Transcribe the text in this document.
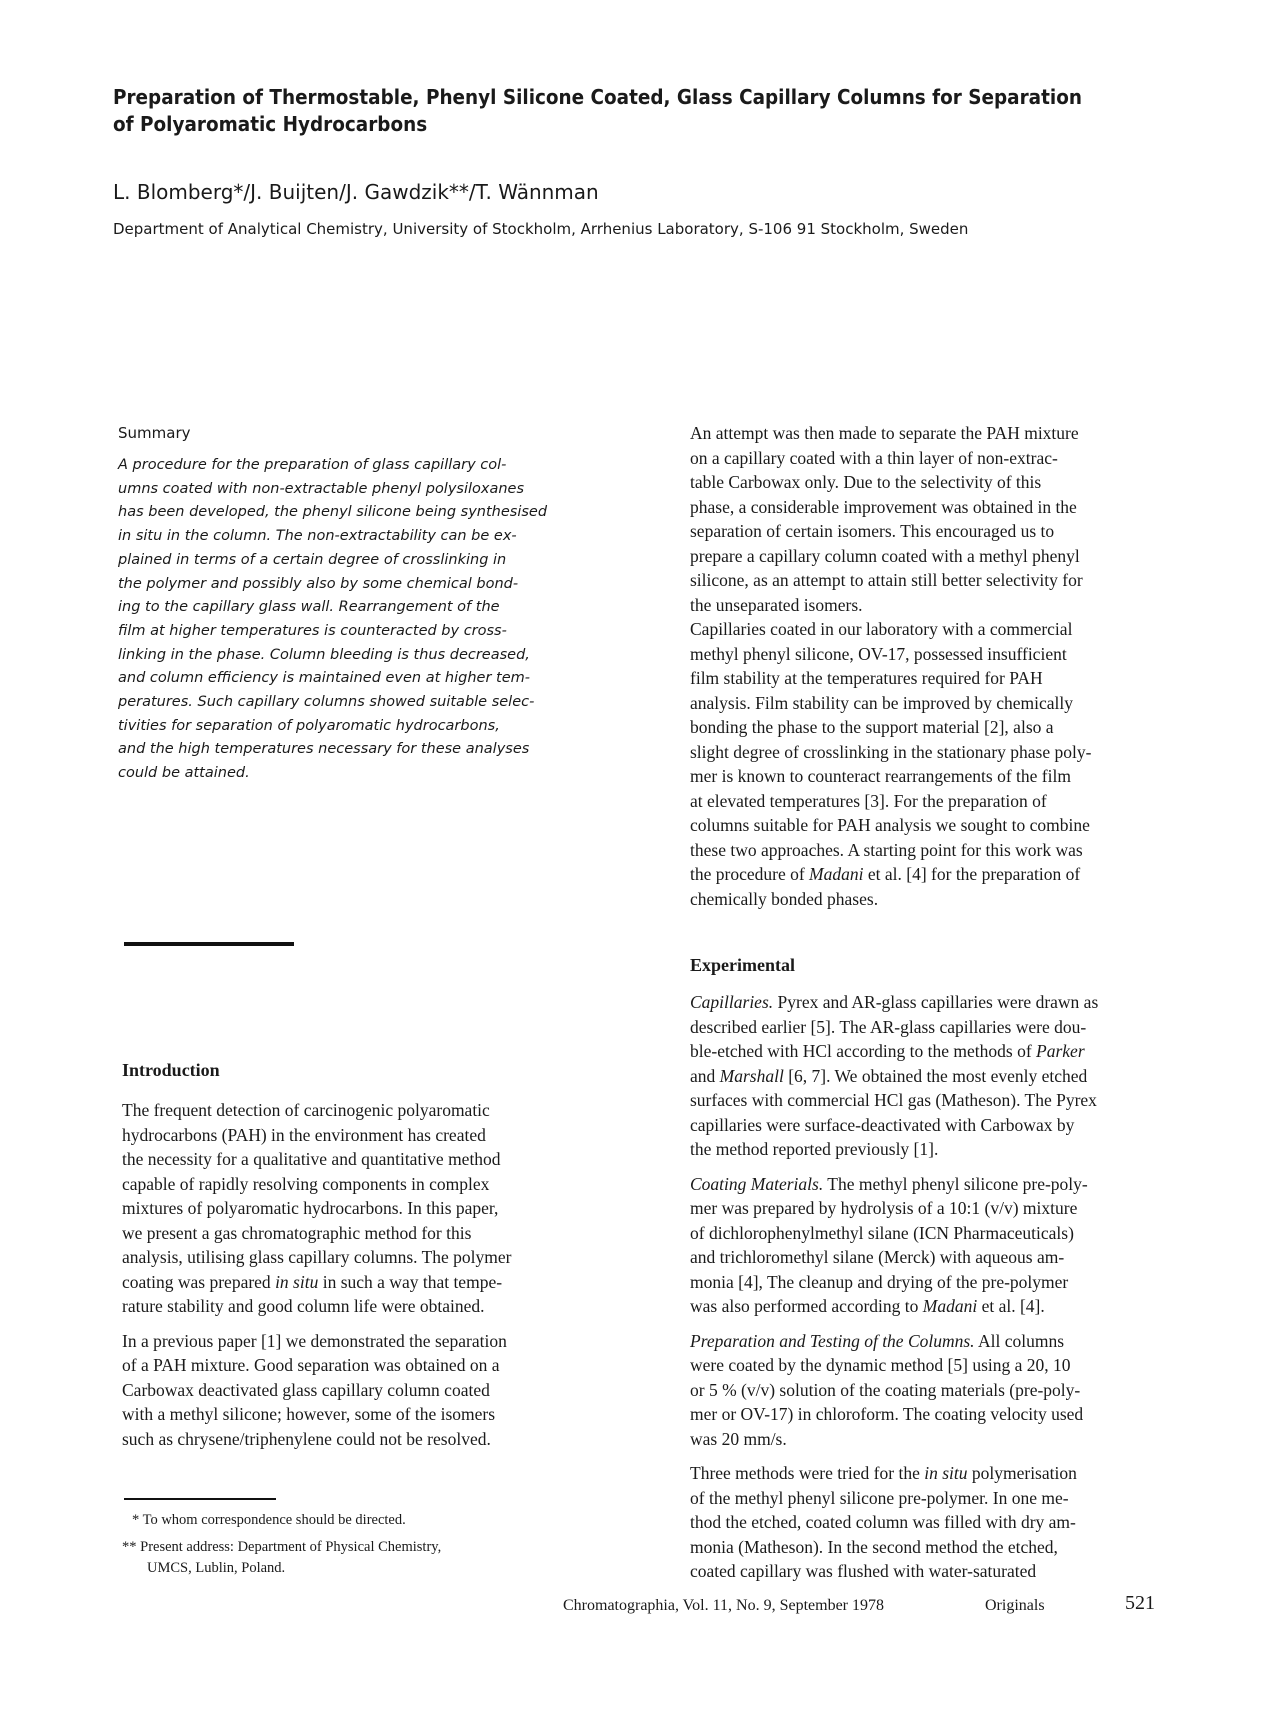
Preparation of Thermostable, Phenyl Silicone Coated, Glass Capillary Columns for Separation
of Polyaromatic Hydrocarbons
L. Blomberg*/J. Buijten/J. Gawdzik**/T. Wännman
Department of Analytical Chemistry, University of Stockholm, Arrhenius Laboratory, S-106 91 Stockholm, Sweden
Summary
A procedure for the preparation of glass capillary col-
umns coated with non-extractable phenyl polysiloxanes
has been developed, the phenyl silicone being synthesised
in situ in the column. The non-extractability can be ex-
plained in terms of a certain degree of crosslinking in
the polymer and possibly also by some chemical bond-
ing to the capillary glass wall. Rearrangement of the
film at higher temperatures is counteracted by cross-
linking in the phase. Column bleeding is thus decreased,
and column efficiency is maintained even at higher tem-
peratures. Such capillary columns showed suitable selec-
tivities for separation of polyaromatic hydrocarbons,
and the high temperatures necessary for these analyses
could be attained.
Introduction
The frequent detection of carcinogenic polyaromatic
hydrocarbons (PAH) in the environment has created
the necessity for a qualitative and quantitative method
capable of rapidly resolving components in complex
mixtures of polyaromatic hydrocarbons. In this paper,
we present a gas chromatographic method for this
analysis, utilising glass capillary columns. The polymer
coating was prepared in situ in such a way that tempe-
rature stability and good column life were obtained.
In a previous paper [1] we demonstrated the separation
of a PAH mixture. Good separation was obtained on a
Carbowax deactivated glass capillary column coated
with a methyl silicone; however, some of the isomers
such as chrysene/triphenylene could not be resolved.
* To whom correspondence should be directed.
** Present address: Department of Physical Chemistry,
UMCS, Lublin, Poland.
An attempt was then made to separate the PAH mixture
on a capillary coated with a thin layer of non-extrac-
table Carbowax only. Due to the selectivity of this
phase, a considerable improvement was obtained in the
separation of certain isomers. This encouraged us to
prepare a capillary column coated with a methyl phenyl
silicone, as an attempt to attain still better selectivity for
the unseparated isomers.
Capillaries coated in our laboratory with a commercial
methyl phenyl silicone, OV-17, possessed insufficient
film stability at the temperatures required for PAH
analysis. Film stability can be improved by chemically
bonding the phase to the support material [2], also a
slight degree of crosslinking in the stationary phase poly-
mer is known to counteract rearrangements of the film
at elevated temperatures [3]. For the preparation of
columns suitable for PAH analysis we sought to combine
these two approaches. A starting point for this work was
the procedure of Madani et al. [4] for the preparation of
chemically bonded phases.
Experimental
Capillaries. Pyrex and AR-glass capillaries were drawn as
described earlier [5]. The AR-glass capillaries were dou-
ble-etched with HCl according to the methods of Parker
and Marshall [6, 7]. We obtained the most evenly etched
surfaces with commercial HCl gas (Matheson). The Pyrex
capillaries were surface-deactivated with Carbowax by
the method reported previously [1].
Coating Materials. The methyl phenyl silicone pre-poly-
mer was prepared by hydrolysis of a 10:1 (v/v) mixture
of dichlorophenylmethyl silane (ICN Pharmaceuticals)
and trichloromethyl silane (Merck) with aqueous am-
monia [4], The cleanup and drying of the pre-polymer
was also performed according to Madani et al. [4].
Preparation and Testing of the Columns. All columns
were coated by the dynamic method [5] using a 20, 10
or 5 % (v/v) solution of the coating materials (pre-poly-
mer or OV-17) in chloroform. The coating velocity used
was 20 mm/s.
Three methods were tried for the in situ polymerisation
of the methyl phenyl silicone pre-polymer. In one me-
thod the etched, coated column was filled with dry am-
monia (Matheson). In the second method the etched,
coated capillary was flushed with water-saturated
Chromatographia, Vol. 11, No. 9, September 1978	Originals	521
